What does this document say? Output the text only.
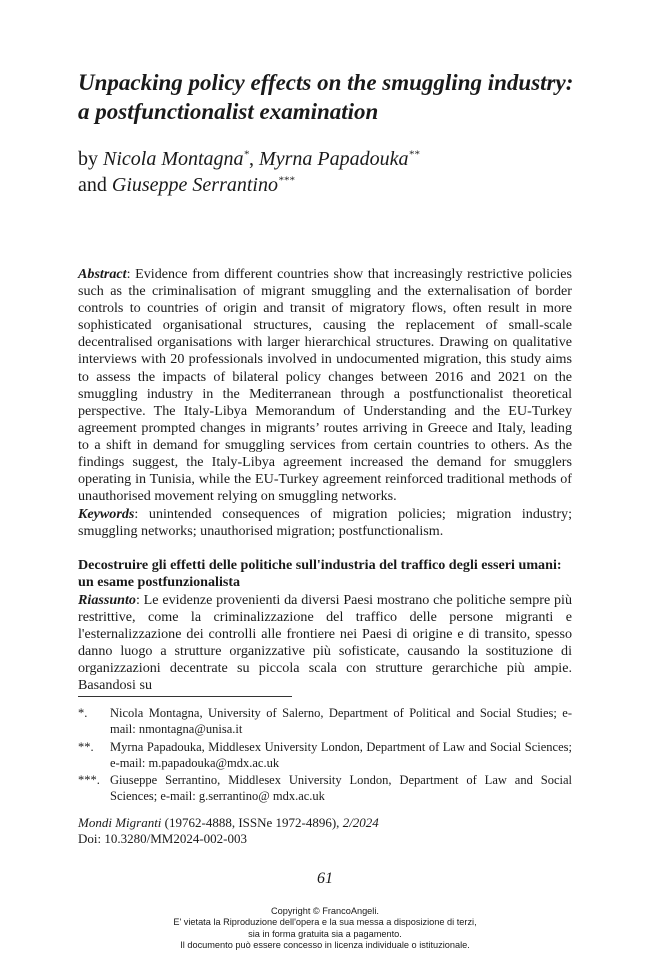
Unpacking policy effects on the smuggling industry: a postfunctionalist examination

by Nicola Montagna*, Myrna Papadouka**
and Giuseppe Serrantino***

Abstract: Evidence from different countries show that increasingly restrictive policies such as the criminalisation of migrant smuggling and the externalisation of border controls to countries of origin and transit of migratory flows, often result in more sophisticated organisational structures, causing the replacement of small-scale decentralised organisations with larger hierarchical structures. Drawing on qualitative interviews with 20 professionals involved in undocumented migration, this study aims to assess the impacts of bilateral policy changes between 2016 and 2021 on the smuggling industry in the Mediterranean through a postfunctionalist theoretical perspective. The Italy-Libya Memorandum of Understanding and the EU-Turkey agreement prompted changes in migrants’ routes arriving in Greece and Italy, leading to a shift in demand for smuggling services from certain countries to others. As the findings suggest, the Italy-Libya agreement increased the demand for smugglers operating in Tunisia, while the EU-Turkey agreement reinforced traditional methods of unauthorised movement relying on smuggling networks.

Keywords: unintended consequences of migration policies; migration industry; smuggling networks; unauthorised migration; postfunctionalism.

Decostruire gli effetti delle politiche sull'industria del traffico degli esseri umani: un esame postfunzionalista

Riassunto: Le evidenze provenienti da diversi Paesi mostrano che politiche sempre più restrittive, come la criminalizzazione del traffico delle persone migranti e l'esternalizzazione dei controlli alle frontiere nei Paesi di origine e di transito, spesso danno luogo a strutture organizzative più sofisticate, causando la sostituzione di organizzazioni decentrate su piccola scala con strutture gerarchiche più ampie. Basandosi su

*.	Nicola Montagna, University of Salerno, Department of Political and Social Studies; e-mail: nmontagna@unisa.it
**.	Myrna Papadouka, Middlesex University London, Department of Law and Social Sciences; e-mail: m.papadouka@mdx.ac.uk
***. Giuseppe Serrantino, Middlesex University London, Department of Law and Social Sciences; e-mail: g.serrantino@ mdx.ac.uk
Mondi Migranti (19762-4888, ISSNe 1972-4896), 2/2024
Doi: 10.3280/MM2024-002-003

61

Copyright © FrancoAngeli.
E' vietata la Riproduzione dell'opera e la sua messa a disposizione di terzi,
sia in forma gratuita sia a pagamento.
Il documento può essere concesso in licenza individuale o istituzionale.
